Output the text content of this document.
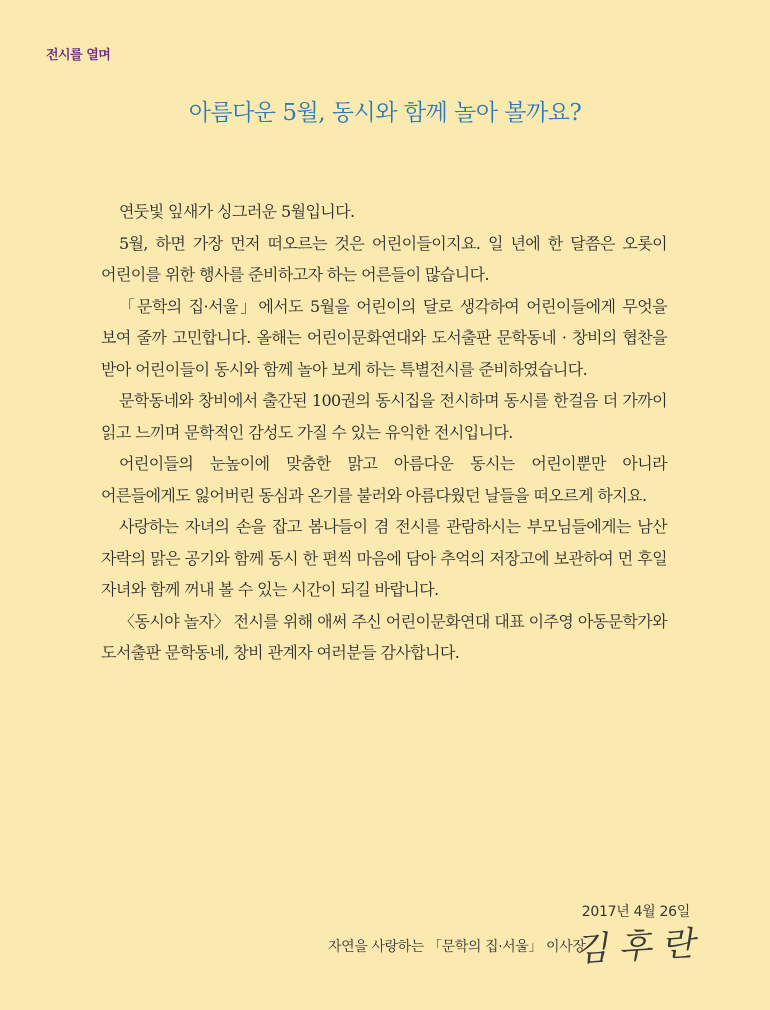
전시를 열며
아름다운 5월, 동시와 함께 놀아 볼까요?

연둣빛 잎새가 싱그러운 5월입니다.

5월, 하면 가장 먼저 떠오르는 것은 어린이들이지요. 일 년에 한 달쯤은 오롯이 어린이를 위한 행사를 준비하고자 하는 어른들이 많습니다.

「문학의 집·서울」에서도 5월을 어린이의 달로 생각하여 어린이들에게 무엇을 보여 줄까 고민합니다. 올해는 어린이문화연대와 도서출판 문학동네 · 창비의 협찬을 받아 어린이들이 동시와 함께 놀아 보게 하는 특별전시를 준비하였습니다.

문학동네와 창비에서 출간된 100권의 동시집을 전시하며 동시를 한걸음 더 가까이 읽고 느끼며 문학적인 감성도 가질 수 있는 유익한 전시입니다.

어린이들의 눈높이에 맞춤한 맑고 아름다운 동시는 어린이뿐만 아니라 어른들에게도 잃어버린 동심과 온기를 불러와 아름다웠던 날들을 떠오르게 하지요.

사랑하는 자녀의 손을 잡고 봄나들이 겸 전시를 관람하시는 부모님들에게는 남산 자락의 맑은 공기와 함께 동시 한 편씩 마음에 담아 추억의 저장고에 보관하여 먼 후일 자녀와 함께 꺼내 볼 수 있는 시간이 되길 바랍니다.

〈동시야 놀자〉 전시를 위해 애써 주신 어린이문화연대 대표 이주영 아동문학가와 도서출판 문학동네, 창비 관계자 여러분들 감사합니다.

2017년 4월 26일
자연을 사랑하는 「문학의 집·서울」 이사장
김후란
